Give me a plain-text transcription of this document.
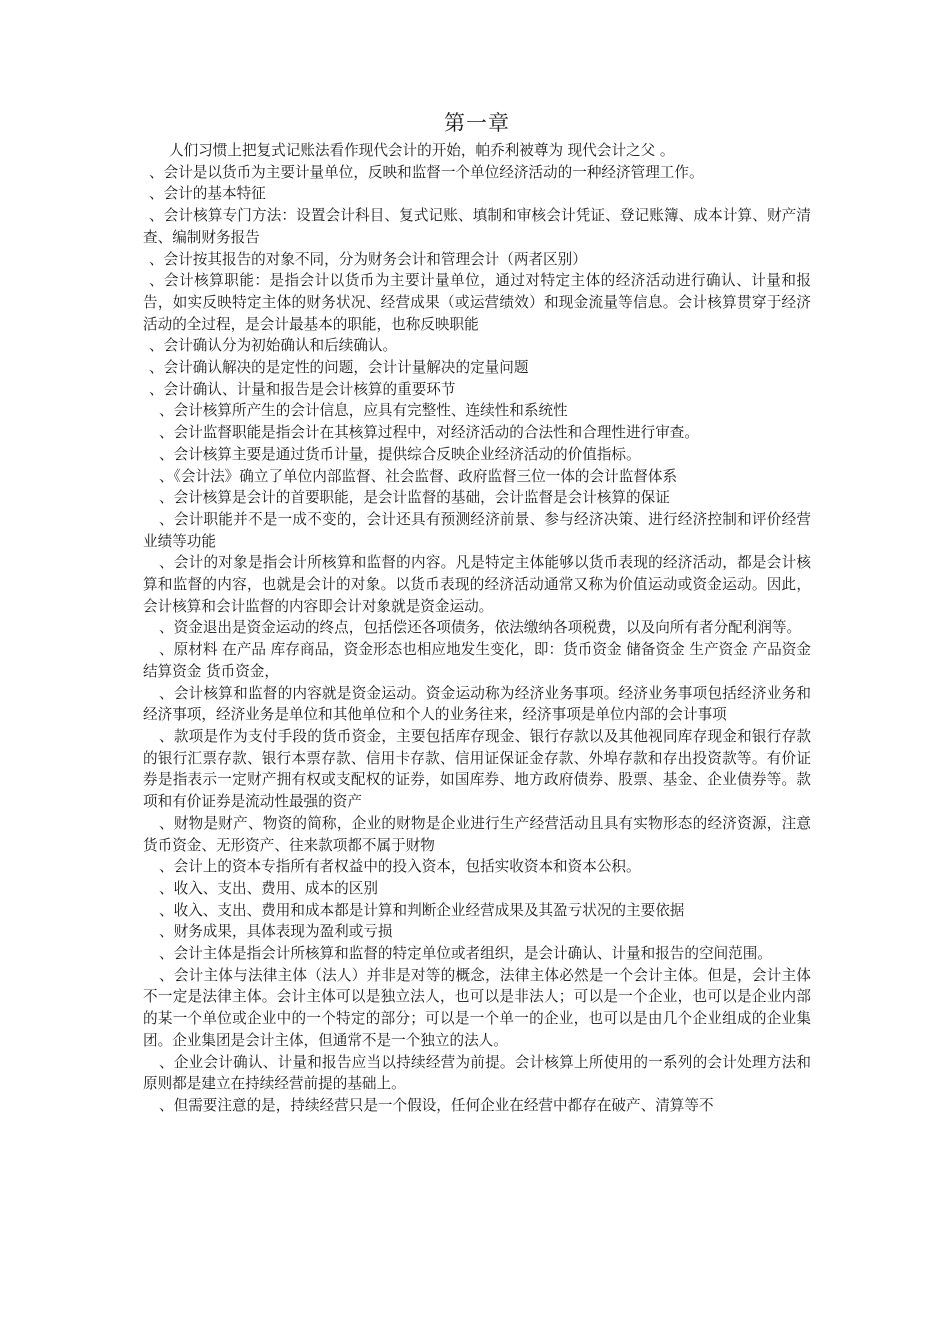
第一章

人们习惯上把复式记账法看作现代会计的开始，帕乔利被尊为 现代会计之父 。

、会计是以货币为主要计量单位，反映和监督一个单位经济活动的一种经济管理工作。

、会计的基本特征

、会计核算专门方法：设置会计科目、复式记账、填制和审核会计凭证、登记账簿、成本计算、财产清查、编制财务报告

、会计按其报告的对象不同，分为财务会计和管理会计（两者区别）

、会计核算职能：是指会计以货币为主要计量单位，通过对特定主体的经济活动进行确认、计量和报告，如实反映特定主体的财务状况、经营成果（或运营绩效）和现金流量等信息。会计核算贯穿于经济活动的全过程，是会计最基本的职能，也称反映职能

、会计确认分为初始确认和后续确认。

、会计确认解决的是定性的问题，会计计量解决的定量问题

、会计确认、计量和报告是会计核算的重要环节

、会计核算所产生的会计信息，应具有完整性、连续性和系统性

、会计监督职能是指会计在其核算过程中，对经济活动的合法性和合理性进行审查。

、会计核算主要是通过货币计量，提供综合反映企业经济活动的价值指标。

、《会计法》确立了单位内部监督、社会监督、政府监督三位一体的会计监督体系

、会计核算是会计的首要职能，是会计监督的基础，会计监督是会计核算的保证

、会计职能并不是一成不变的，会计还具有预测经济前景、参与经济决策、进行经济控制和评价经营业绩等功能

、会计的对象是指会计所核算和监督的内容。凡是特定主体能够以货币表现的经济活动，都是会计核算和监督的内容，也就是会计的对象。以货币表现的经济活动通常又称为价值运动或资金运动。因此，会计核算和会计监督的内容即会计对象就是资金运动。

、资金退出是资金运动的终点，包括偿还各项债务，依法缴纳各项税费，以及向所有者分配利润等。

、原材料 在产品 库存商品，资金形态也相应地发生变化，即：货币资金 储备资金 生产资金 产品资金 结算资金 货币资金，

、会计核算和监督的内容就是资金运动。资金运动称为经济业务事项。经济业务事项包括经济业务和经济事项，经济业务是单位和其他单位和个人的业务往来，经济事项是单位内部的会计事项

、款项是作为支付手段的货币资金，主要包括库存现金、银行存款以及其他视同库存现金和银行存款的银行汇票存款、银行本票存款、信用卡存款、信用证保证金存款、外埠存款和存出投资款等。有价证券是指表示一定财产拥有权或支配权的证券，如国库券、地方政府债券、股票、基金、企业债券等。款项和有价证券是流动性最强的资产

、财物是财产、物资的简称，企业的财物是企业进行生产经营活动且具有实物形态的经济资源，注意 货币资金、无形资产、往来款项都不属于财物

、会计上的资本专指所有者权益中的投入资本，包括实收资本和资本公积。

、收入、支出、费用、成本的区别

、收入、支出、费用和成本都是计算和判断企业经营成果及其盈亏状况的主要依据

、财务成果，具体表现为盈利或亏损

、会计主体是指会计所核算和监督的特定单位或者组织，是会计确认、计量和报告的空间范围。

、会计主体与法律主体（法人）并非是对等的概念，法律主体必然是一个会计主体。但是，会计主体不一定是法律主体。会计主体可以是独立法人，也可以是非法人；可以是一个企业，也可以是企业内部的某一个单位或企业中的一个特定的部分；可以是一个单一的企业，也可以是由几个企业组成的企业集团。企业集团是会计主体，但通常不是一个独立的法人。

、企业会计确认、计量和报告应当以持续经营为前提。会计核算上所使用的一系列的会计处理方法和原则都是建立在持续经营前提的基础上。

、但需要注意的是，持续经营只是一个假设，任何企业在经营中都存在破产、清算等不
